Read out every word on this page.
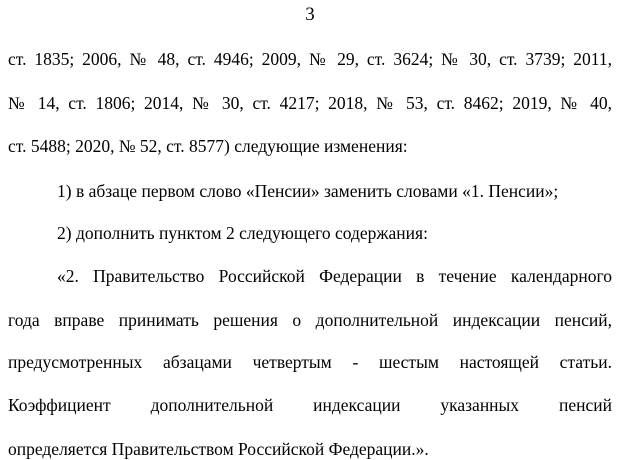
3
ст. 1835; 2006, № 48, ст. 4946; 2009, № 29, ст. 3624; № 30, ст. 3739; 2011,
№ 14, ст. 1806; 2014, № 30, ст. 4217; 2018, № 53, ст. 8462; 2019, № 40,
ст. 5488; 2020, № 52, ст. 8577) следующие изменения:
1) в абзаце первом слово «Пенсии» заменить словами «1. Пенсии»;
2) дополнить пунктом 2 следующего содержания:
«2. Правительство Российской Федерации в течение календарного
года вправе принимать решения о дополнительной индексации пенсий,
предусмотренных абзацами четвертым - шестым настоящей статьи.
Коэффициент дополнительной индексации указанных пенсий
определяется Правительством Российской Федерации.».
